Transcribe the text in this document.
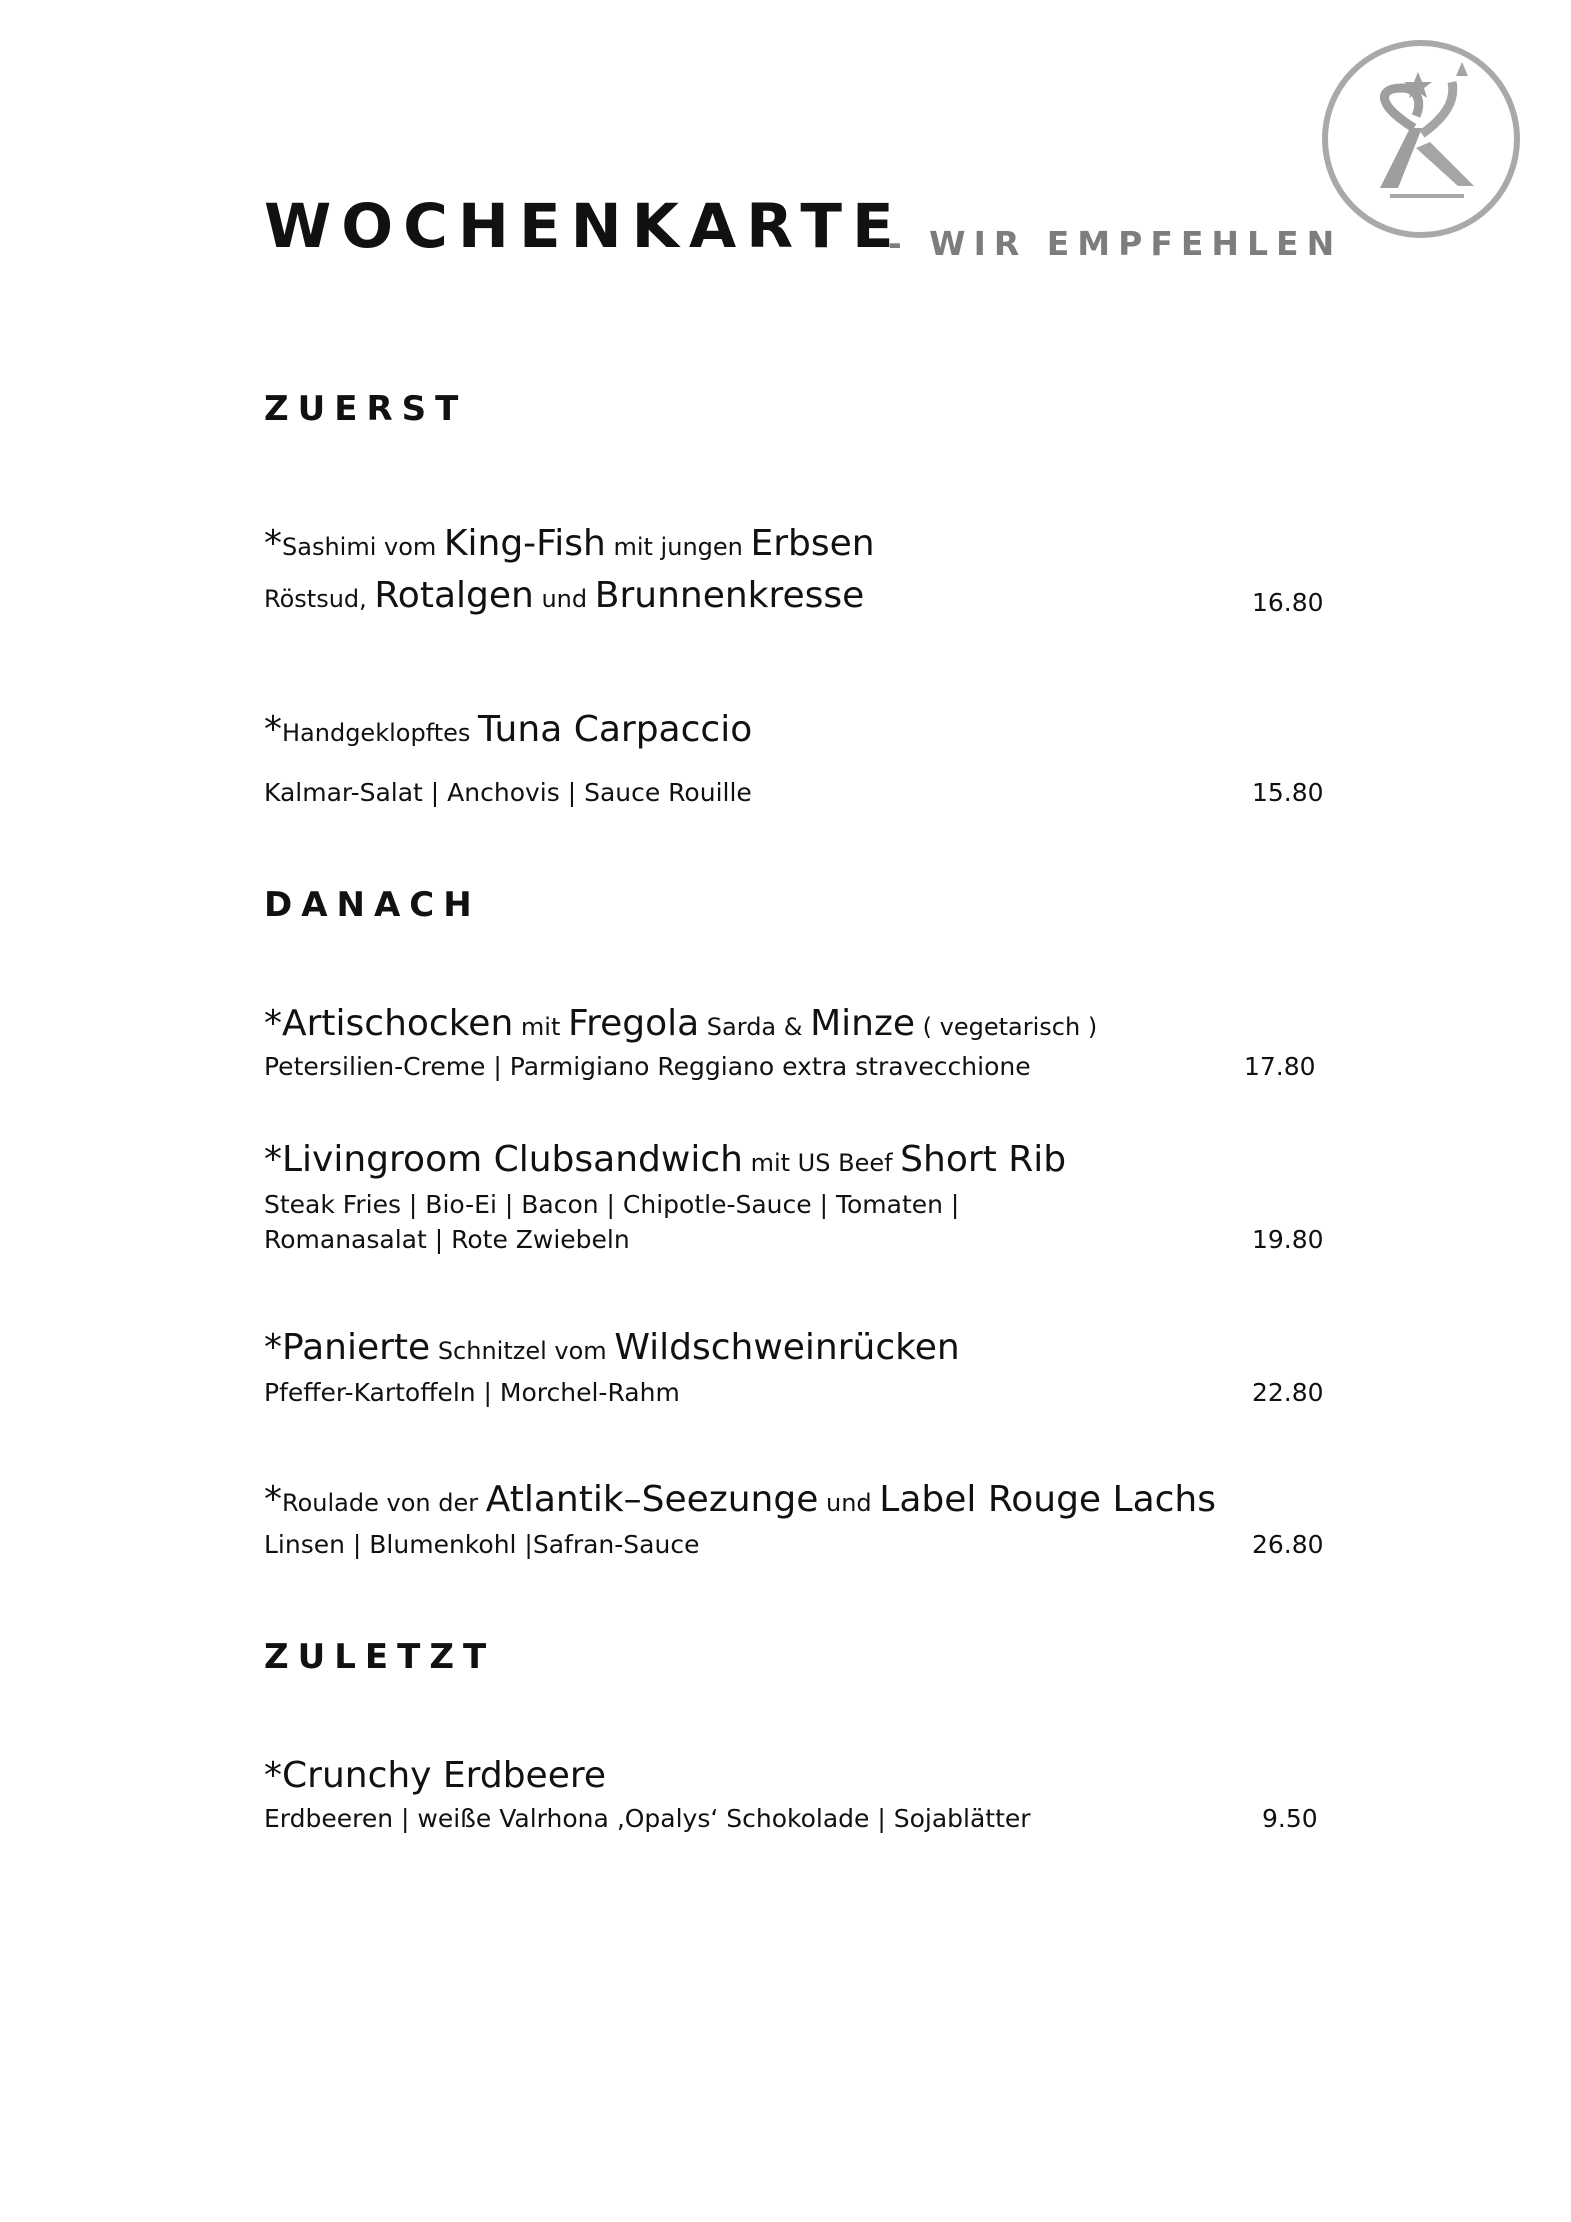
WOCHENKARTE
- WIR EMPFEHLEN
ZUERST
*Sashimi vom King-Fish mit jungen Erbsen
Röstsud, Rotalgen und Brunnenkresse	16.80
*Handgeklopftes Tuna Carpaccio
Kalmar-Salat | Anchovis | Sauce Rouille	15.80
DANACH
*Artischocken mit Fregola Sarda & Minze ( vegetarisch )
Petersilien-Creme | Parmigiano Reggiano extra stravecchione	17.80
*Livingroom Clubsandwich mit US Beef Short Rib
Steak Fries | Bio-Ei | Bacon | Chipotle-Sauce | Tomaten |
Romanasalat | Rote Zwiebeln	19.80
*Panierte Schnitzel vom Wildschweinrücken
Pfeffer-Kartoffeln | Morchel-Rahm	22.80
*Roulade von der Atlantik–Seezunge und Label Rouge Lachs
Linsen | Blumenkohl |Safran-Sauce	26.80
ZULETZT
*Crunchy Erdbeere
Erdbeeren | weiße Valrhona ‚Opalys‘ Schokolade | Sojablätter	9.50
